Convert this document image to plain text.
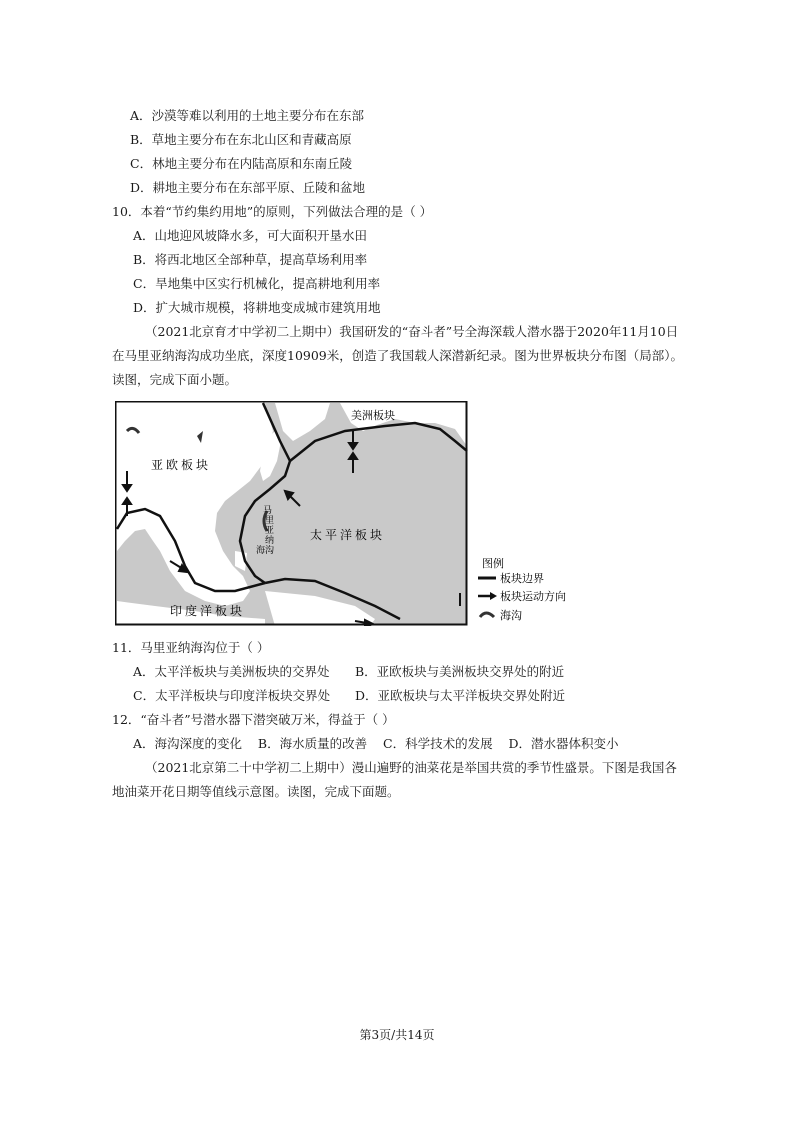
A．沙漠等难以利用的土地主要分布在东部
B．草地主要分布在东北山区和青藏高原
C．林地主要分布在内陆高原和东南丘陵
D．耕地主要分布在东部平原、丘陵和盆地
10．本着“节约集约用地”的原则，下列做法合理的是（ ）
A．山地迎风坡降水多，可大面积开垦水田
B．将西北地区全部种草，提高草场利用率
C．旱地集中区实行机械化，提高耕地利用率
D．扩大城市规模，将耕地变成城市建筑用地
（2021北京育才中学初二上期中）我国研发的“奋斗者”号全海深载人潜水器于2020年11月10日在马里亚纳海沟成功坐底，深度10909米，创造了我国载人深潜新纪录。图为世界板块分布图（局部）。读图，完成下面小题。
美洲板块
亚欧板块
太平洋板块
印度洋板块
马
里
亚
纳
海沟
图例
板块边界
板块运动方向
海沟
11．马里亚纳海沟位于（ ）
A．太平洋板块与美洲板块的交界处 B．亚欧板块与美洲板块交界处的附近
C．太平洋板块与印度洋板块交界处 D．亚欧板块与太平洋板块交界处附近
12．“奋斗者”号潜水器下潜突破万米，得益于（ ）
A．海沟深度的变化    B．海水质量的改善    C．科学技术的发展    D．潜水器体积变小
（2021北京第二十中学初二上期中）漫山遍野的油菜花是举国共赏的季节性盛景。下图是我国各地油菜开花日期等值线示意图。读图，完成下面题。
第3页/共14页
